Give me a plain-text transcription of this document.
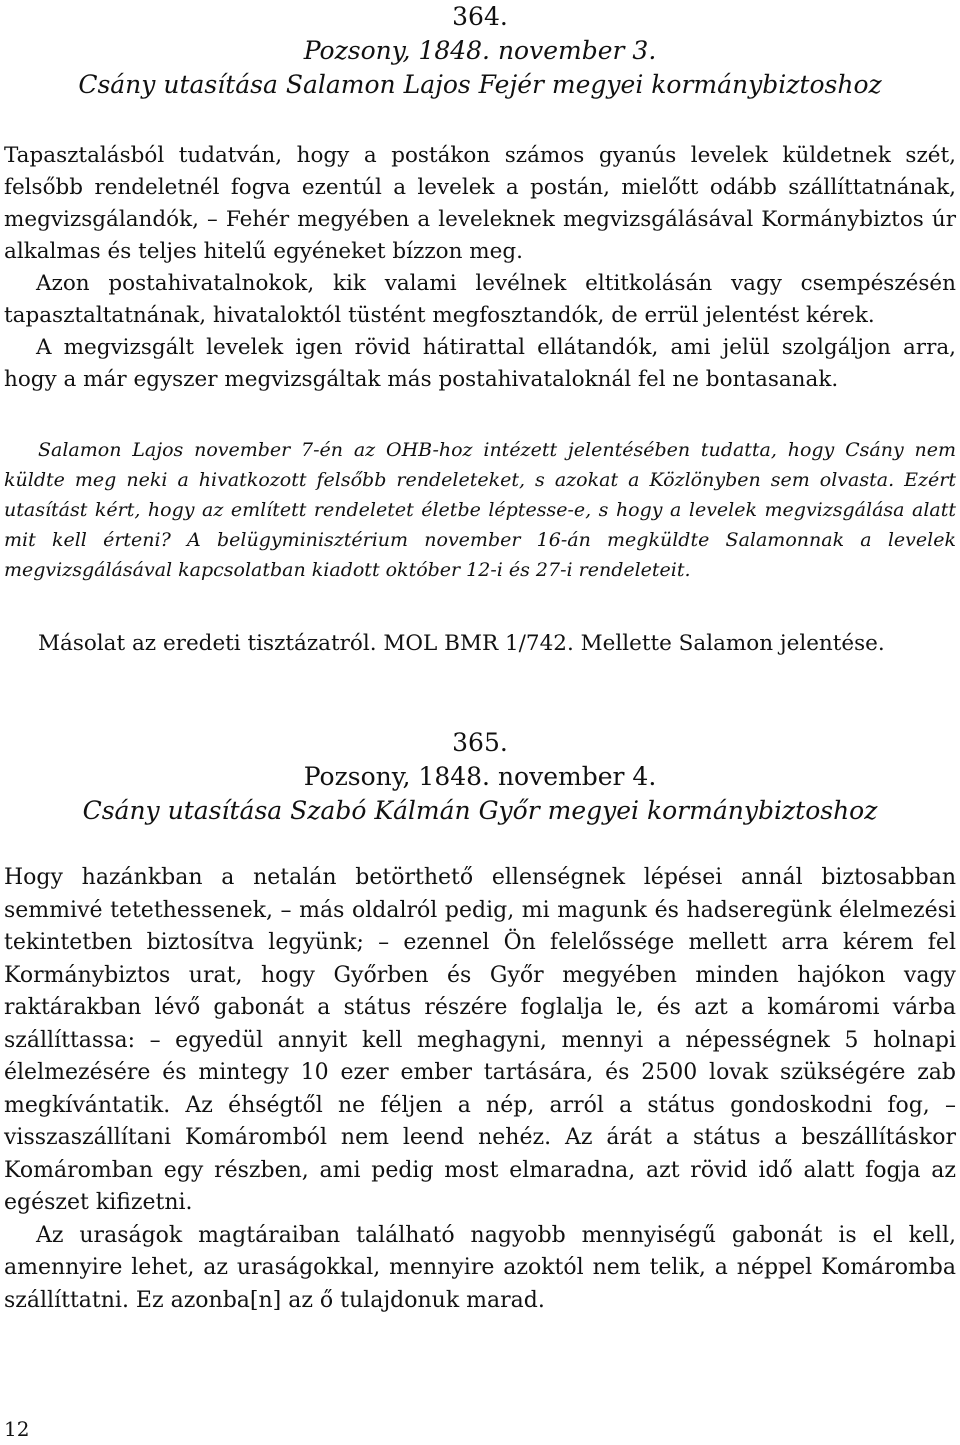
364.
Pozsony, 1848. november 3.
Csány utasítása Salamon Lajos Fejér megyei kormánybiztoshoz

Tapasztalásból tudatván, hogy a postákon számos gyanús levelek küldetnek szét, felsőbb rendeletnél fogva ezentúl a levelek a postán, mielőtt odább szállíttatnának, megvizsgálandók, – Fehér megyében a leveleknek megvizsgálásával Kormánybiztos úr alkalmas és teljes hitelű egyéneket bízzon meg.

Azon postahivatalnokok, kik valami levélnek eltitkolásán vagy csempészésén tapasztaltatnának, hivataloktól tüstént megfosztandók, de errül jelentést kérek.

A megvizsgált levelek igen rövid hátirattal ellátandók, ami jelül szolgáljon arra, hogy a már egyszer megvizsgáltak más postahivataloknál fel ne bontasanak.

Salamon Lajos november 7-én az OHB-hoz intézett jelentésében tudatta, hogy Csány nem küldte meg neki a hivatkozott felsőbb rendeleteket, s azokat a Közlönyben sem olvasta. Ezért utasítást kért, hogy az említett rendeletet életbe léptesse-e, s hogy a levelek megvizsgálása alatt mit kell érteni? A belügyminisztérium november 16-án megküldte Salamonnak a levelek megvizsgálásával kapcsolatban kiadott október 12-i és 27-i rendeleteit.

Másolat az eredeti tisztázatról. MOL BMR 1/742. Mellette Salamon jelentése.

365.
Pozsony, 1848. november 4.
Csány utasítása Szabó Kálmán Győr megyei kormánybiztoshoz

Hogy hazánkban a netalán betörthető ellenségnek lépései annál biztosabban semmivé tetethessenek, – más oldalról pedig, mi magunk és hadseregünk élelmezési tekintetben biztosítva legyünk; – ezennel Ön felelőssége mellett arra kérem fel Kormánybiztos urat, hogy Győrben és Győr megyében minden hajókon vagy raktárakban lévő gabonát a státus részére foglalja le, és azt a komáromi várba szállíttassa: – egyedül annyit kell meghagyni, mennyi a népességnek 5 holnapi élelmezésére és mintegy 10 ezer ember tartására, és 2500 lovak szükségére zab megkívántatik. Az éhségtől ne féljen a nép, arról a státus gondoskodni fog, – visszaszállítani Komáromból nem leend nehéz. Az árát a státus a beszállításkor Komáromban egy részben, ami pedig most elmaradna, azt rövid idő alatt fogja az egészet kifizetni.

Az uraságok magtáraiban található nagyobb mennyiségű gabonát is el kell, amennyire lehet, az uraságokkal, mennyire azoktól nem telik, a néppel Komáromba szállíttatni. Ez azonba[n] az ő tulajdonuk marad.

12
